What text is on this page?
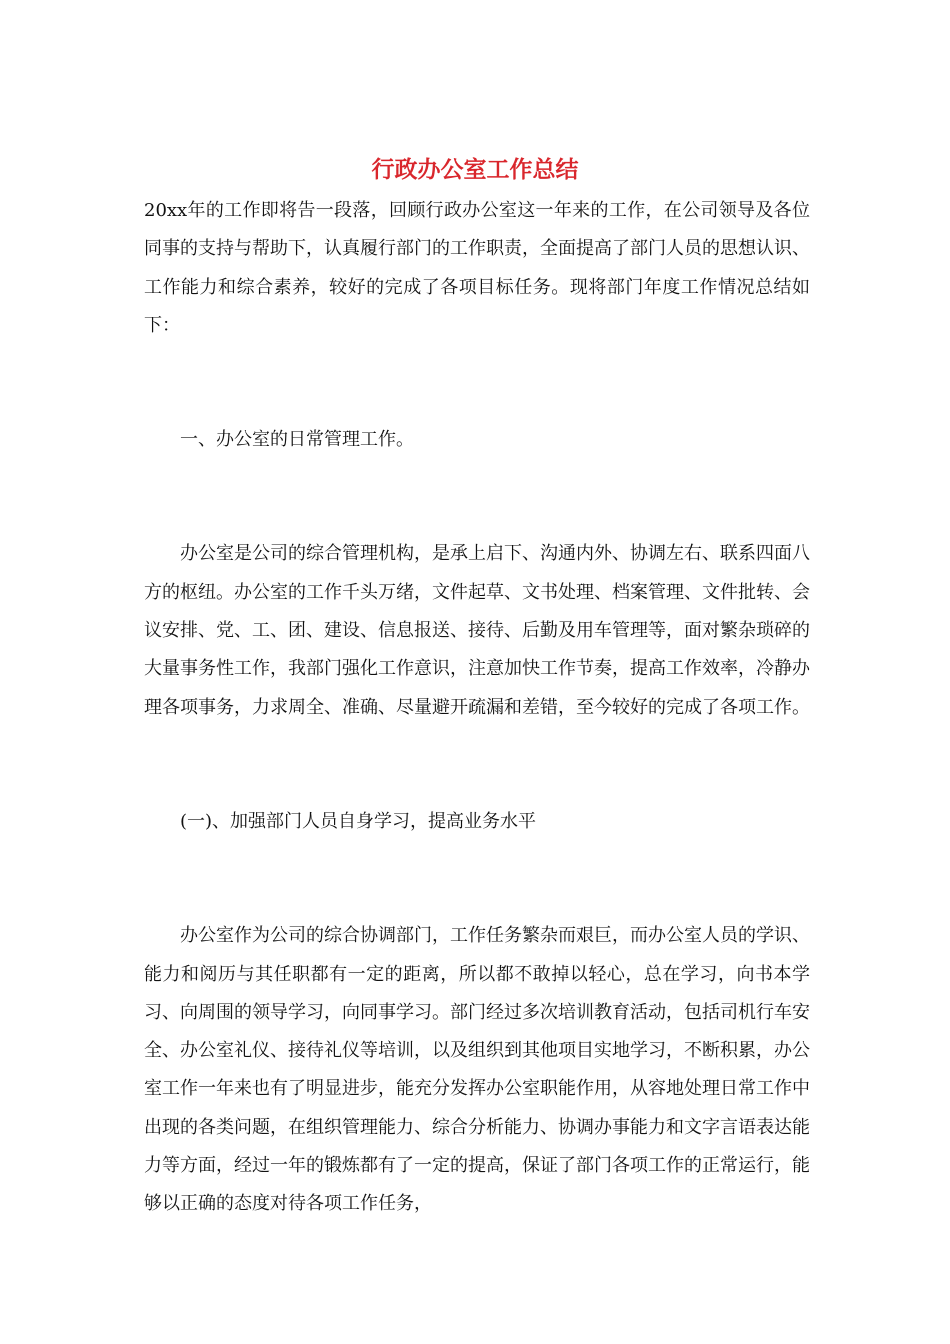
行政办公室工作总结

20xx年的工作即将告一段落，回顾行政办公室这一年来的工作，在公司领导及各位同事的支持与帮助下，认真履行部门的工作职责，全面提高了部门人员的思想认识、工作能力和综合素养，较好的完成了各项目标任务。现将部门年度工作情况总结如下：

一、办公室的日常管理工作。

办公室是公司的综合管理机构，是承上启下、沟通内外、协调左右、联系四面八方的枢纽。办公室的工作千头万绪，文件起草、文书处理、档案管理、文件批转、会议安排、党、工、团、建设、信息报送、接待、后勤及用车管理等，面对繁杂琐碎的大量事务性工作，我部门强化工作意识，注意加快工作节奏，提高工作效率，冷静办理各项事务，力求周全、准确、尽量避开疏漏和差错，至今较好的完成了各项工作。

(一)、加强部门人员自身学习，提高业务水平

办公室作为公司的综合协调部门，工作任务繁杂而艰巨，而办公室人员的学识、能力和阅历与其任职都有一定的距离，所以都不敢掉以轻心，总在学习，向书本学习、向周围的领导学习，向同事学习。部门经过多次培训教育活动，包括司机行车安全、办公室礼仪、接待礼仪等培训，以及组织到其他项目实地学习，不断积累，办公室工作一年来也有了明显进步，能充分发挥办公室职能作用，从容地处理日常工作中出现的各类问题，在组织管理能力、综合分析能力、协调办事能力和文字言语表达能力等方面，经过一年的锻炼都有了一定的提高，保证了部门各项工作的正常运行，能够以正确的态度对待各项工作任务，
